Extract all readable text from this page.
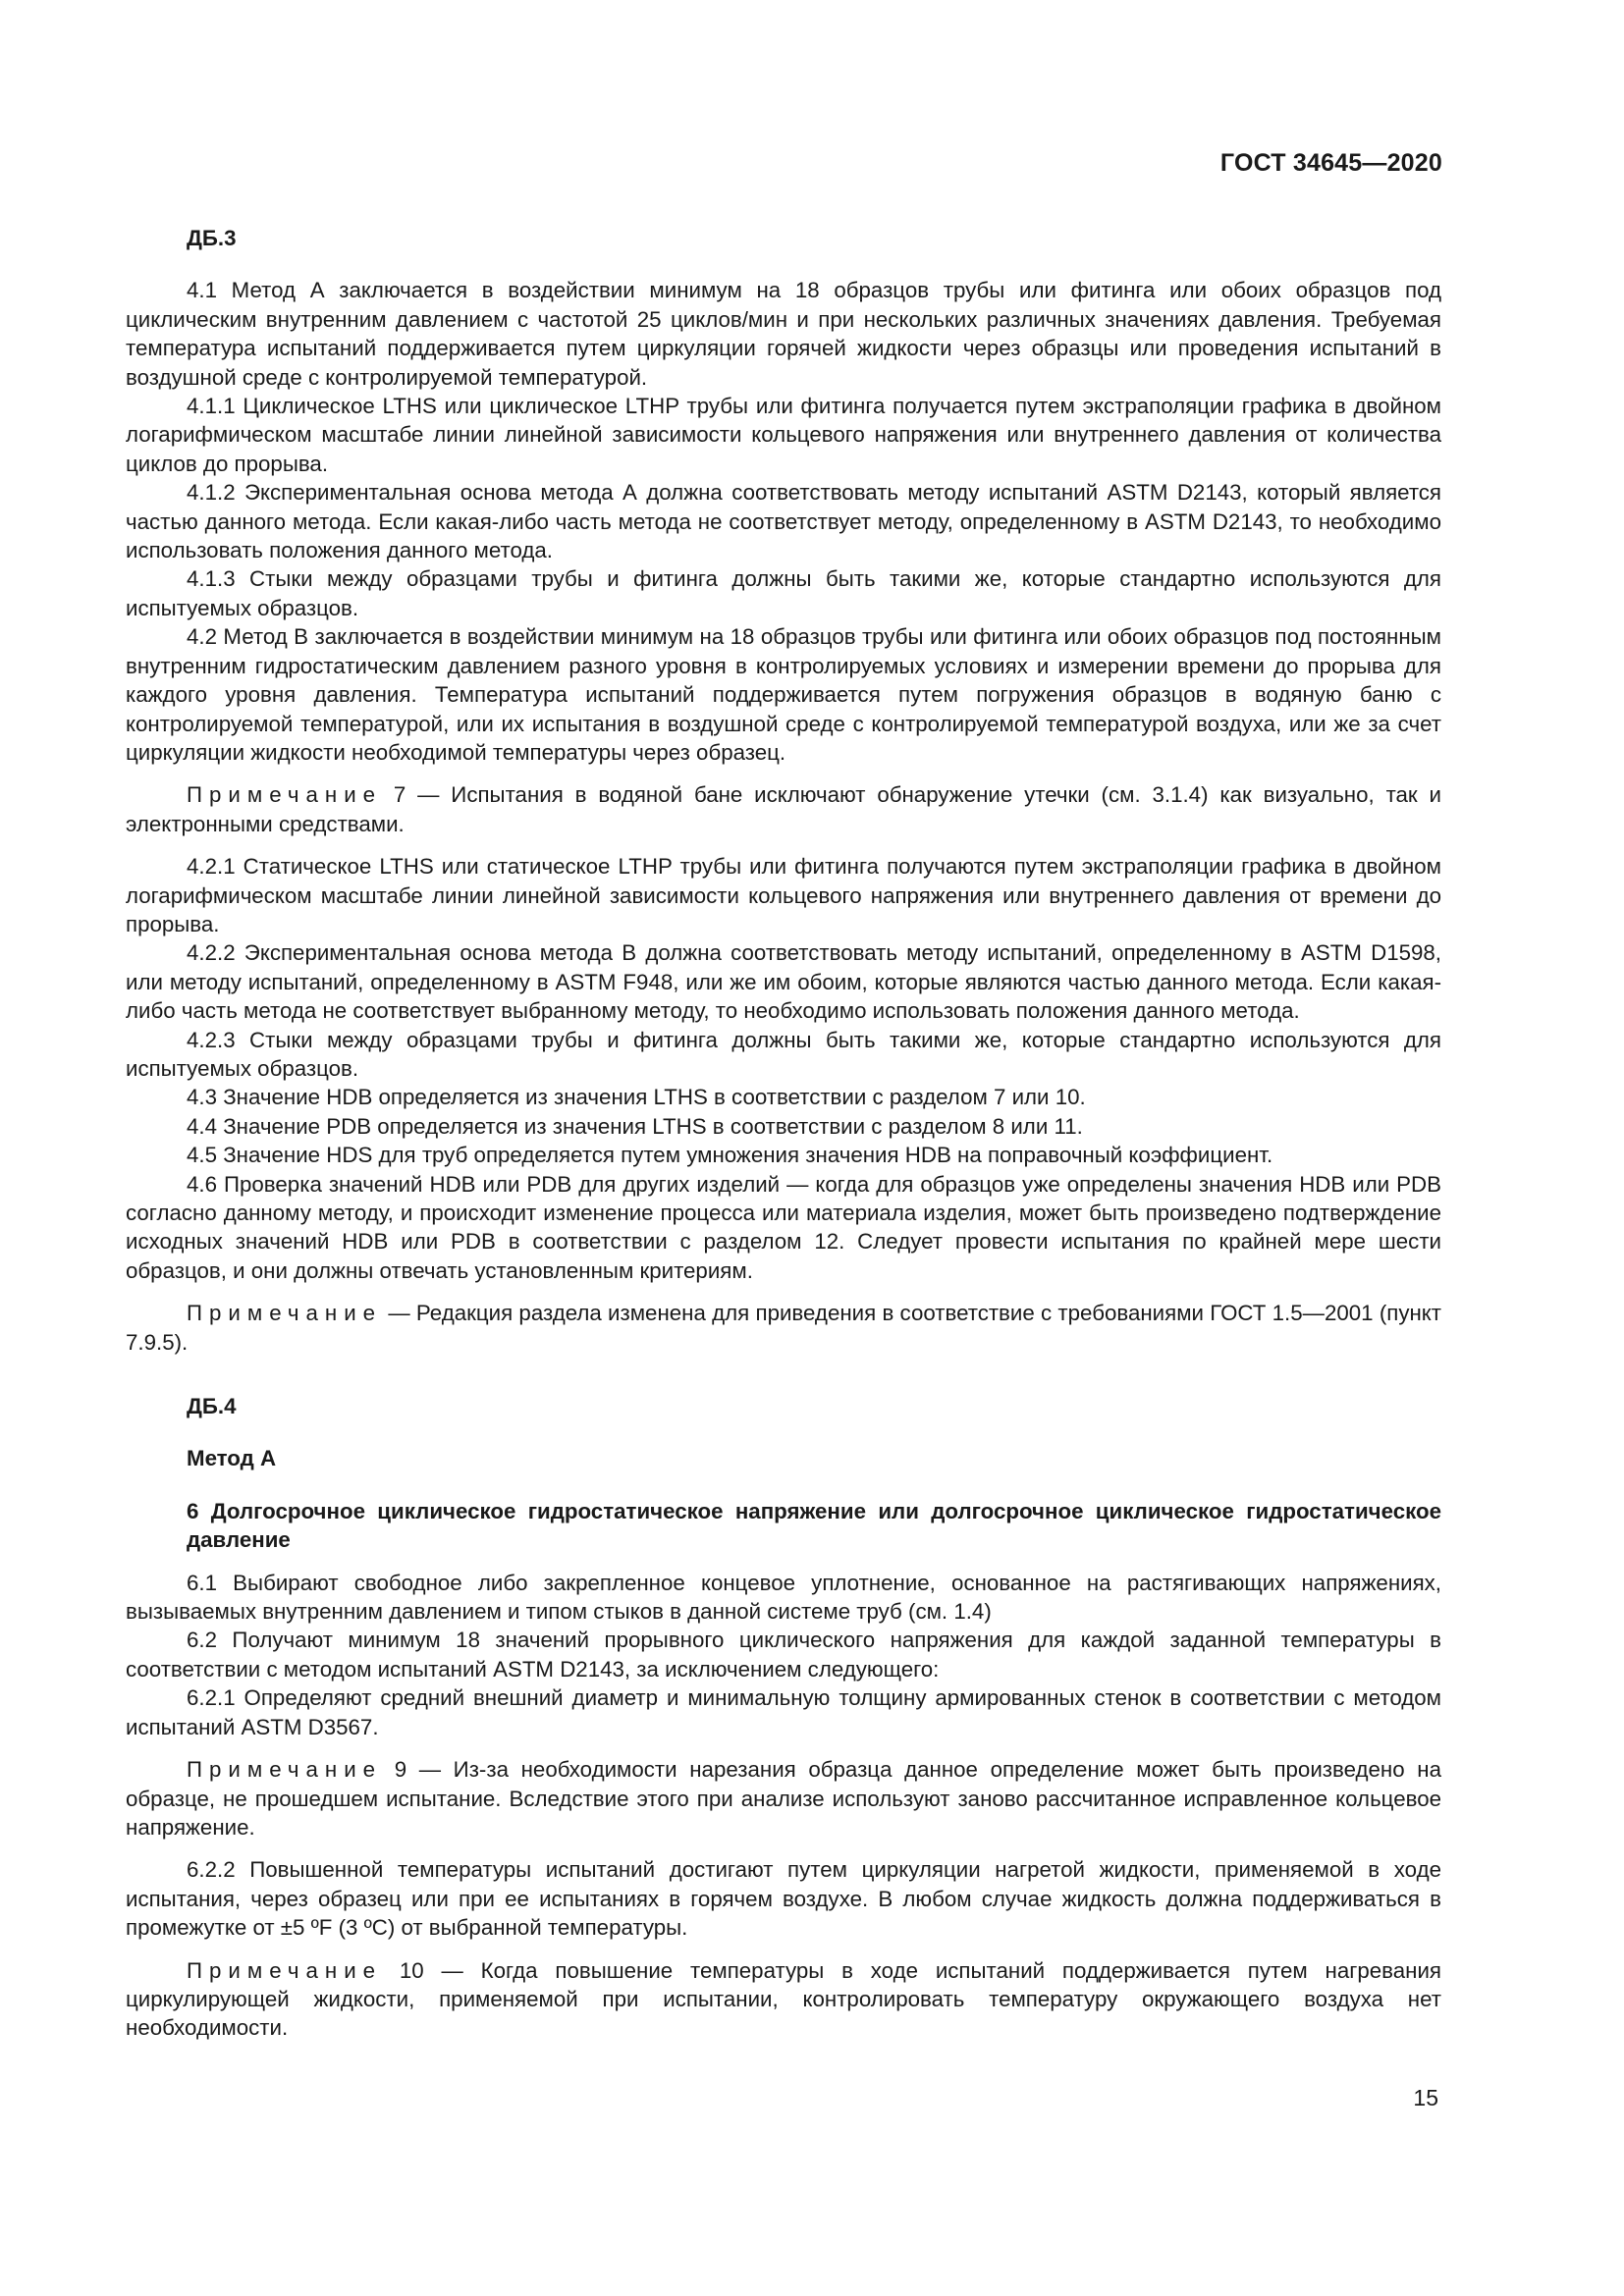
ГОСТ 34645—2020

ДБ.3

4.1 Метод А заключается в воздействии минимум на 18 образцов трубы или фитинга или обоих образцов под циклическим внутренним давлением с частотой 25 циклов/мин и при нескольких различных значениях давления. Требуемая температура испытаний поддерживается путем циркуляции горячей жидкости через образцы или проведения испытаний в воздушной среде с контролируемой температурой.

4.1.1 Циклическое LTHS или циклическое LTHP трубы или фитинга получается путем экстраполяции графика в двойном логарифмическом масштабе линии линейной зависимости кольцевого напряжения или внутреннего давления от количества циклов до прорыва.

4.1.2 Экспериментальная основа метода А должна соответствовать методу испытаний ASTM D2143, который является частью данного метода. Если какая-либо часть метода не соответствует методу, определенному в ASTM D2143, то необходимо использовать положения данного метода.

4.1.3 Стыки между образцами трубы и фитинга должны быть такими же, которые стандартно используются для испытуемых образцов.

4.2 Метод В заключается в воздействии минимум на 18 образцов трубы или фитинга или обоих образцов под постоянным внутренним гидростатическим давлением разного уровня в контролируемых условиях и измерении времени до прорыва для каждого уровня давления. Температура испытаний поддерживается путем погружения образцов в водяную баню с контролируемой температурой, или их испытания в воздушной среде с контролируемой температурой воздуха, или же за счет циркуляции жидкости необходимой температуры через образец.

Примечание 7 — Испытания в водяной бане исключают обнаружение утечки (см. 3.1.4) как визуально, так и электронными средствами.

4.2.1 Статическое LTHS или статическое LTHP трубы или фитинга получаются путем экстраполяции графика в двойном логарифмическом масштабе линии линейной зависимости кольцевого напряжения или внутреннего давления от времени до прорыва.

4.2.2 Экспериментальная основа метода В должна соответствовать методу испытаний, определенному в ASTM D1598, или методу испытаний, определенному в ASTM F948, или же им обоим, которые являются частью данного метода. Если какая-либо часть метода не соответствует выбранному методу, то необходимо использовать положения данного метода.

4.2.3 Стыки между образцами трубы и фитинга должны быть такими же, которые стандартно используются для испытуемых образцов.

4.3 Значение HDB определяется из значения LTHS в соответствии с разделом 7 или 10.

4.4 Значение PDB определяется из значения LTHS в соответствии с разделом 8 или 11.

4.5 Значение HDS для труб определяется путем умножения значения HDB на поправочный коэффициент.

4.6 Проверка значений HDB или PDB для других изделий — когда для образцов уже определены значения HDB или PDB согласно данному методу, и происходит изменение процесса или материала изделия, может быть произведено подтверждение исходных значений HDB или PDB в соответствии с разделом 12. Следует провести испытания по крайней мере шести образцов, и они должны отвечать установленным критериям.

Примечание — Редакция раздела изменена для приведения в соответствие с требованиями ГОСТ 1.5—2001 (пункт 7.9.5).

ДБ.4

Метод А

6 Долгосрочное циклическое гидростатическое напряжение или долгосрочное циклическое гидростатическое давление

6.1 Выбирают свободное либо закрепленное концевое уплотнение, основанное на растягивающих напряжениях, вызываемых внутренним давлением и типом стыков в данной системе труб (см. 1.4)

6.2 Получают минимум 18 значений прорывного циклического напряжения для каждой заданной температуры в соответствии с методом испытаний ASTM D2143, за исключением следующего:

6.2.1 Определяют средний внешний диаметр и минимальную толщину армированных стенок в соответствии с методом испытаний ASTM D3567.

Примечание 9 — Из-за необходимости нарезания образца данное определение может быть произведено на образце, не прошедшем испытание. Вследствие этого при анализе используют заново рассчитанное исправленное кольцевое напряжение.

6.2.2 Повышенной температуры испытаний достигают путем циркуляции нагретой жидкости, применяемой в ходе испытания, через образец или при ее испытаниях в горячем воздухе. В любом случае жидкость должна поддерживаться в промежутке от ±5 ºF (3 ºC) от выбранной температуры.

Примечание 10 — Когда повышение температуры в ходе испытаний поддерживается путем нагревания циркулирующей жидкости, применяемой при испытании, контролировать температуру окружающего воздуха нет необходимости.

15
